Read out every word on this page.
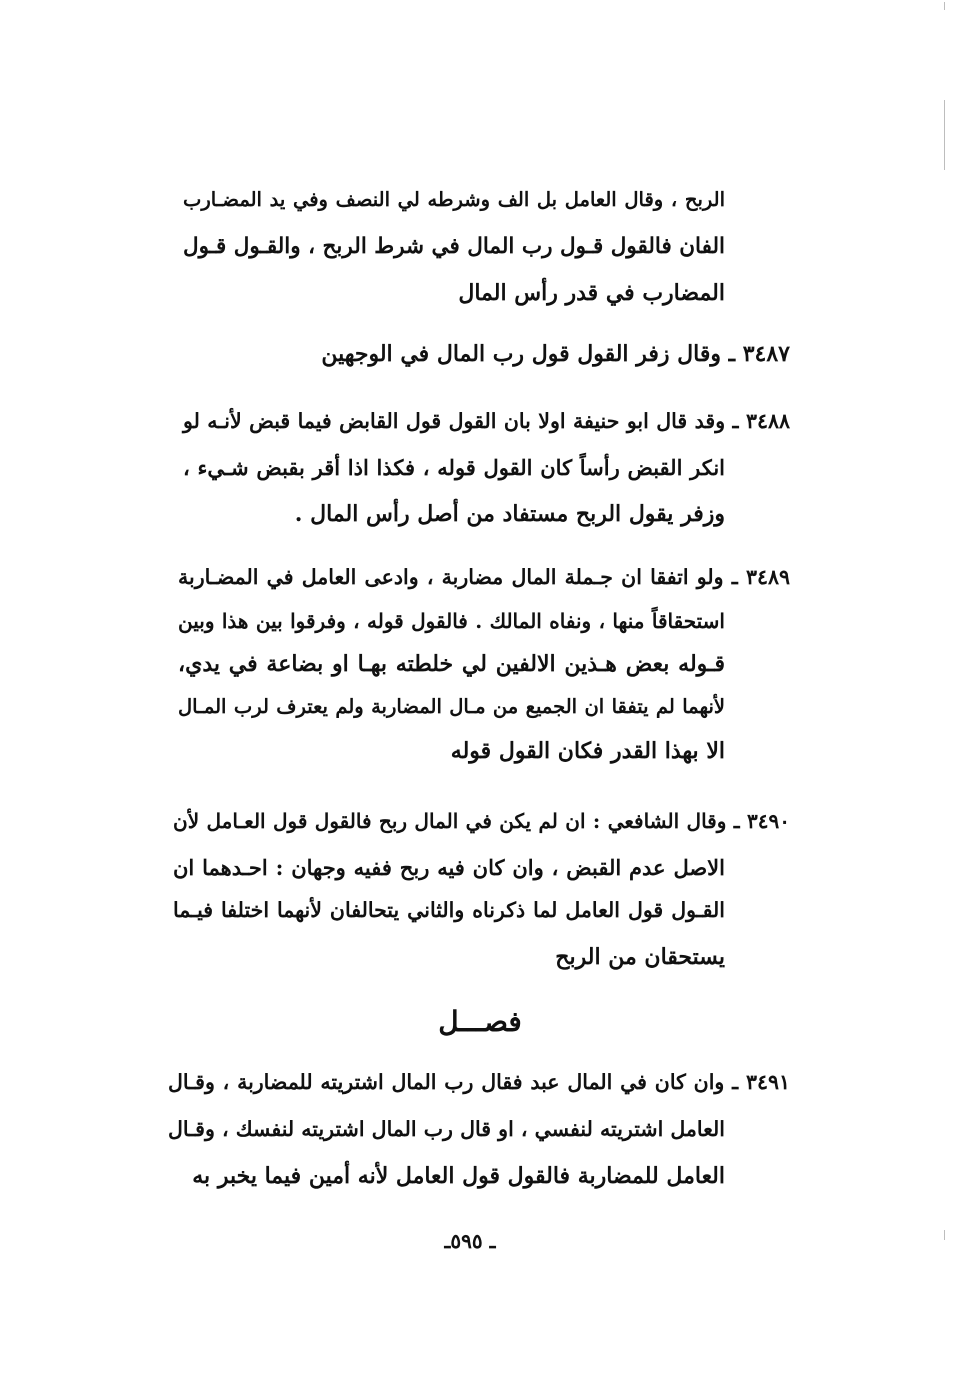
الربح ، وقال العامل بل الف وشرطه لي النصف وفي يد المضـارب
الفان فالقول قـول رب المال في شرط الربح ، والقـول قـول
المضارب في قدر رأس المال
٣٤٨٧ ـ وقال زفر القول قول رب المال في الوجهين
٣٤٨٨ ـ وقد قال ابو حنيفة اولا بان القول قول القابض فيما قبض لأنـه لو
انكر القبض رأساً كان القول قوله ، فكذا اذا أقر بقبض شـيء ،
وزفر يقول الربح مستفاد من أصل رأس المال .
٣٤٨٩ ـ ولو اتفقا ان جـملة المال مضاربة ، وادعى العامل في المضـاربة
استحقاقاً منها ، ونفاه المالك . فالقول قوله ، وفرقوا بين هذا وبين
قـوله بعض هـذين الالفين لي خلطته بهـا او بضاعة في يدي،
لأنهما لم يتفقا ان الجميع من مـال المضاربة ولم يعترف لرب المـال
الا بهذا القدر فكان القول قوله
٣٤٩٠ ـ وقال الشافعي : ان لم يكن في المال ربح فالقول قول العـامل لأن
الاصل عدم القبض ، وان كان فيه ربح ففيه وجهان : احـدهما ان
القـول قول العامل لما ذكرناه والثاني يتحالفان لأنهما اختلفا فيـما
يستحقان من الربح
فصـــل
٣٤٩١ ـ وان كان في المال عبد فقال رب المال اشتريته للمضاربة ، وقـال
العامل اشتريته لنفسي ، او قال رب المال اشتريته لنفسك ، وقـال
العامل للمضاربة فالقول قول العامل لأنه أمين فيما يخبر به
ـ ٥٩٥ـ
